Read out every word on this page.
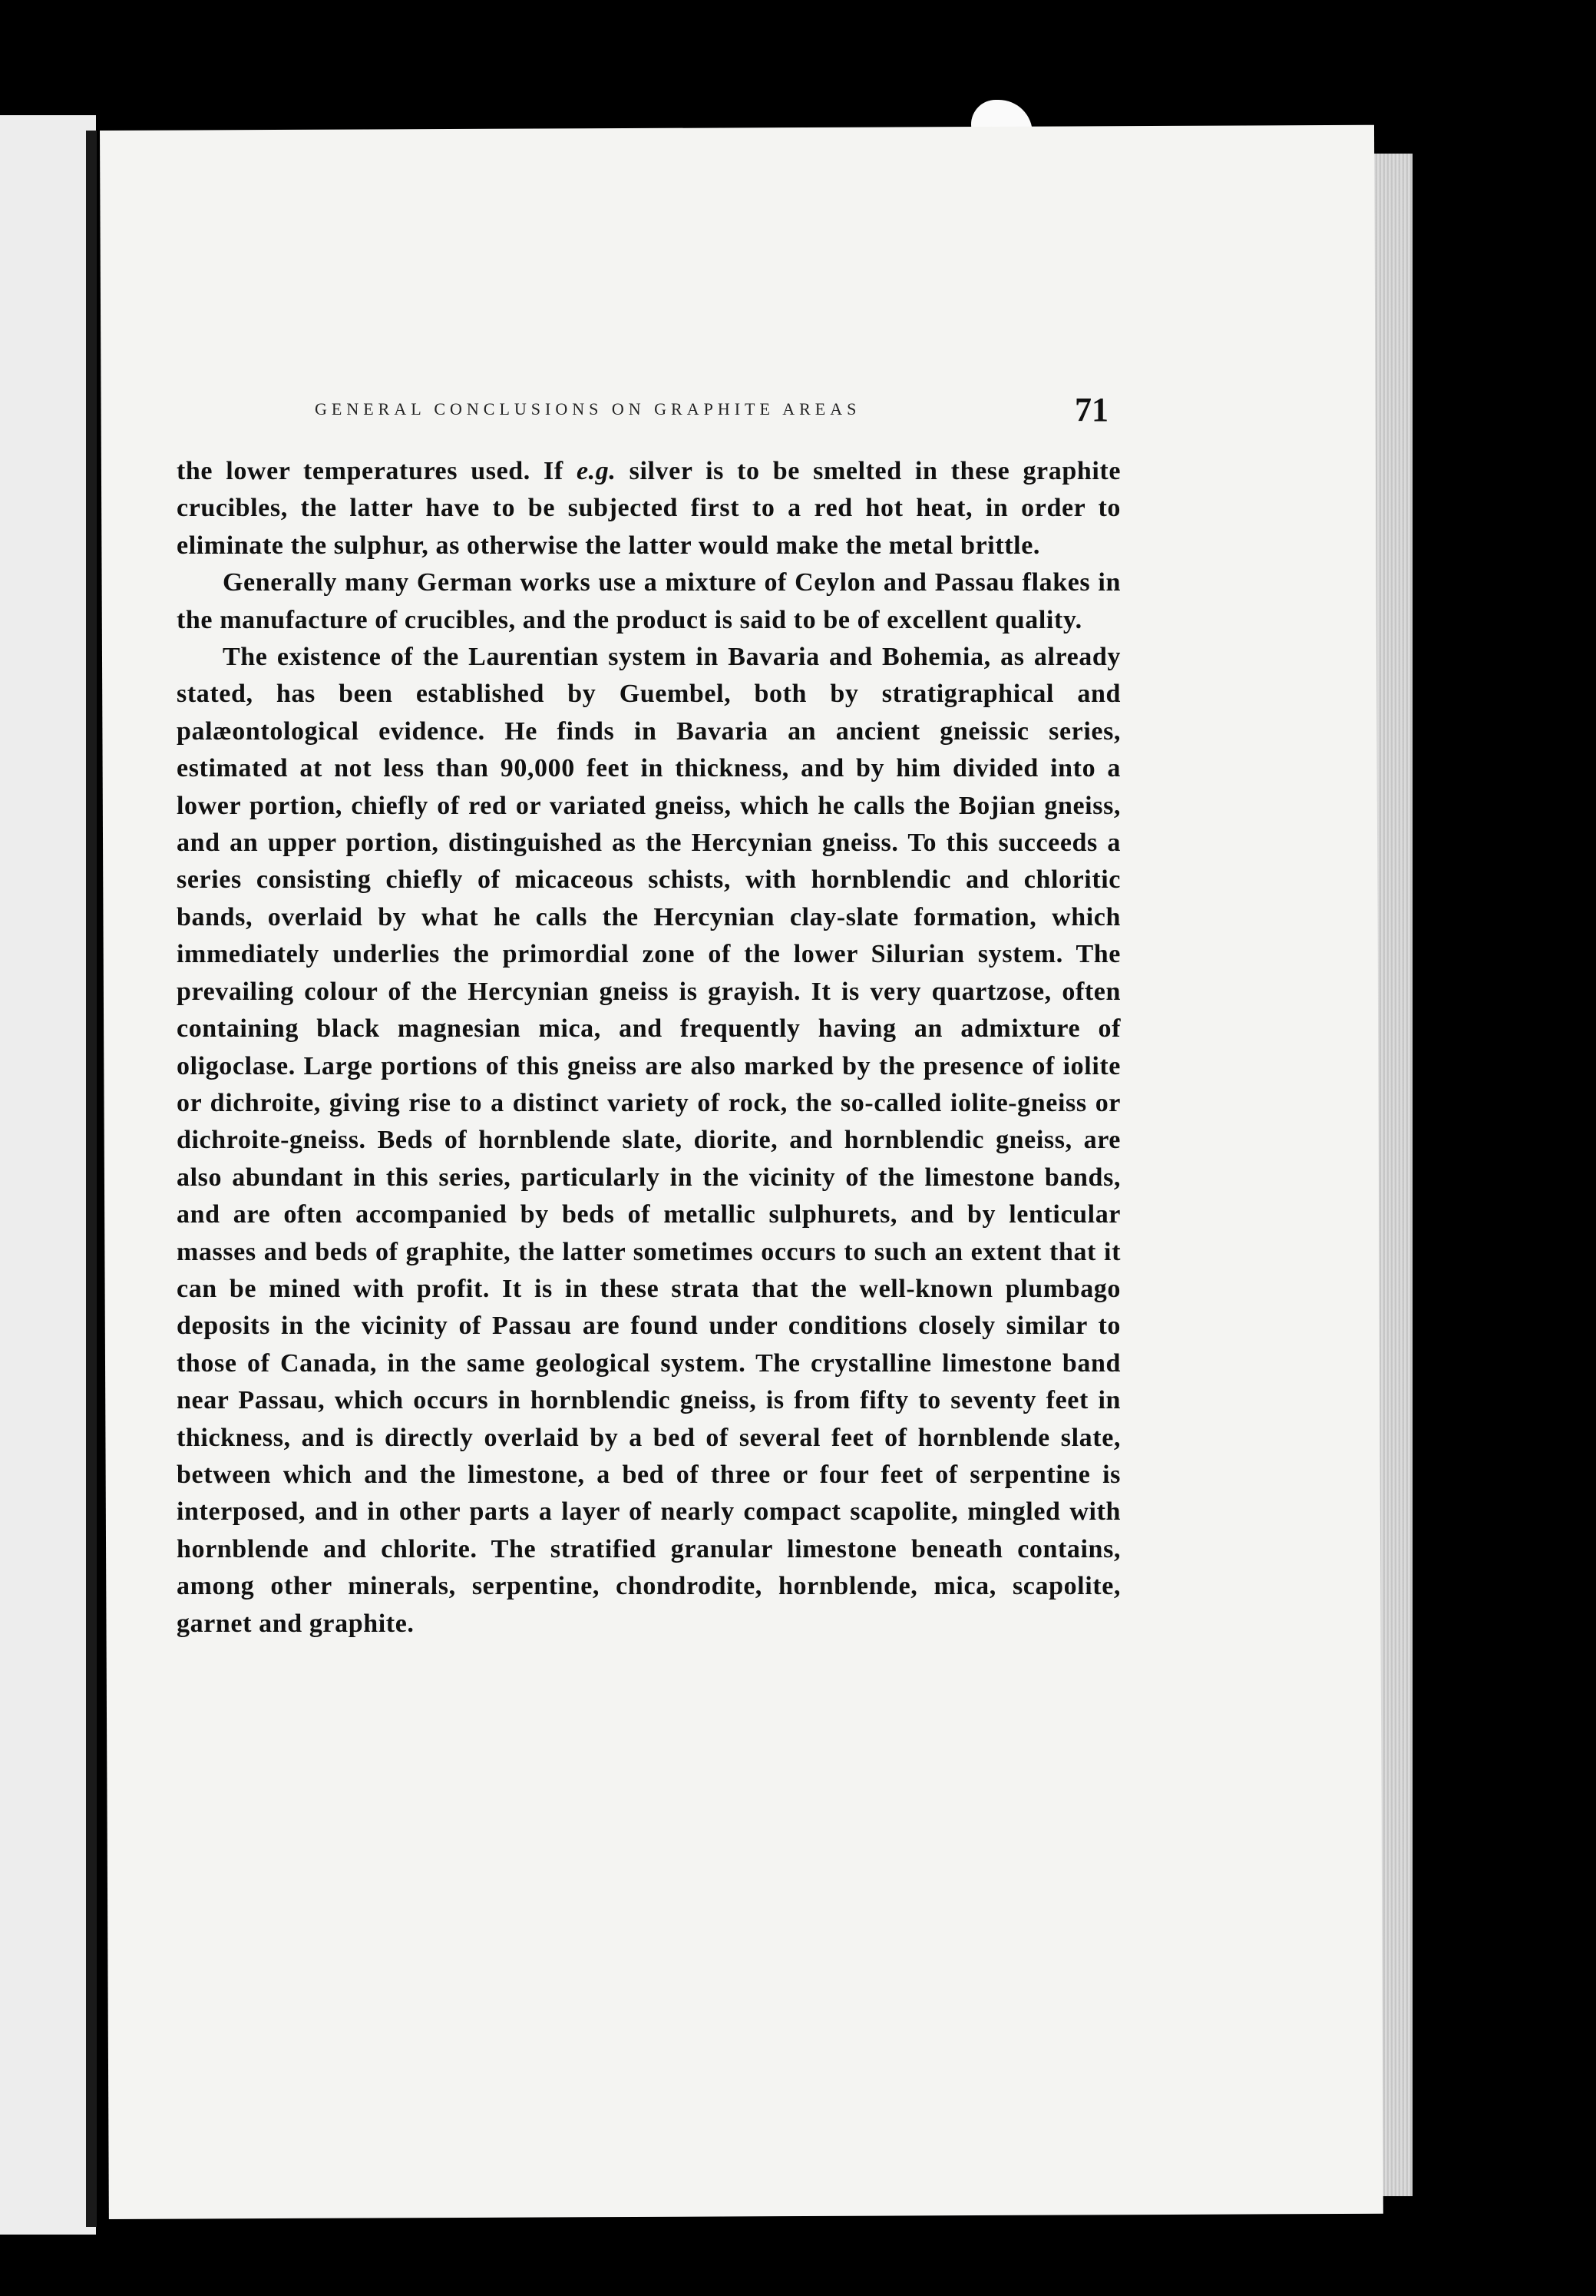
GENERAL CONCLUSIONS ON GRAPHITE AREAS	71

the lower temperatures used. If e.g. silver is to be smelted in these graphite crucibles, the latter have to be subjected first to a red hot heat, in order to eliminate the sulphur, as otherwise the latter would make the metal brittle.

Generally many German works use a mixture of Ceylon and Passau flakes in the manufacture of crucibles, and the product is said to be of excellent quality.

The existence of the Laurentian system in Bavaria and Bohemia, as already stated, has been established by Guembel, both by stratigraphical and palæontological evidence. He finds in Bavaria an ancient gneissic series, estimated at not less than 90,000 feet in thickness, and by him divided into a lower portion, chiefly of red or variated gneiss, which he calls the Bojian gneiss, and an upper portion, distinguished as the Hercynian gneiss. To this succeeds a series consisting chiefly of micaceous schists, with hornblendic and chloritic bands, overlaid by what he calls the Hercynian clay-slate formation, which immediately underlies the primordial zone of the lower Silurian system. The prevailing colour of the Hercynian gneiss is grayish. It is very quartzose, often containing black magnesian mica, and frequently having an admixture of oligoclase. Large portions of this gneiss are also marked by the presence of iolite or dichroite, giving rise to a distinct variety of rock, the so-called iolite-gneiss or dichroite-gneiss. Beds of hornblende slate, diorite, and hornblendic gneiss, are also abundant in this series, particularly in the vicinity of the limestone bands, and are often accompanied by beds of metallic sulphurets, and by lenticular masses and beds of graphite, the latter sometimes occurs to such an extent that it can be mined with profit. It is in these strata that the well-known plumbago deposits in the vicinity of Passau are found under conditions closely similar to those of Canada, in the same geological system. The crystalline limestone band near Passau, which occurs in hornblendic gneiss, is from fifty to seventy feet in thickness, and is directly overlaid by a bed of several feet of hornblende slate, between which and the limestone, a bed of three or four feet of serpentine is interposed, and in other parts a layer of nearly compact scapolite, mingled with hornblende and chlorite. The stratified granular limestone beneath contains, among other minerals, serpentine, chondrodite, hornblende, mica, scapolite, garnet and graphite.
